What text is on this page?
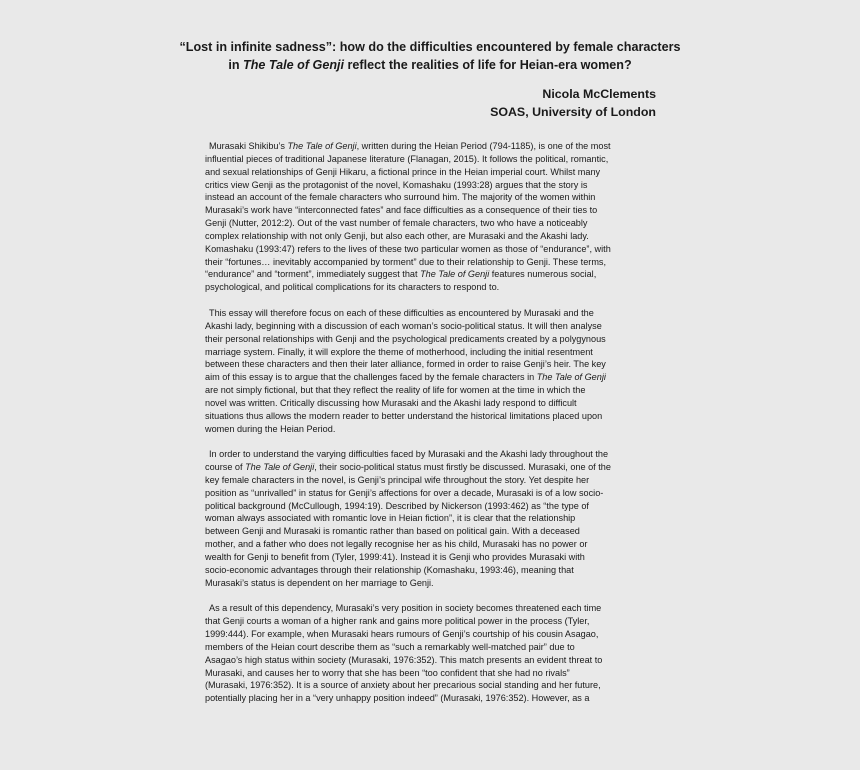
“Lost in infinite sadness”: how do the difficulties encountered by female characters
in The Tale of Genji reflect the realities of life for Heian-era women?
Nicola McClements
SOAS, University of London
Murasaki Shikibu’s The Tale of Genji, written during the Heian Period (794-1185), is one of the most
influential pieces of traditional Japanese literature (Flanagan, 2015). It follows the political, romantic,
and sexual relationships of Genji Hikaru, a fictional prince in the Heian imperial court. Whilst many
critics view Genji as the protagonist of the novel, Komashaku (1993:28) argues that the story is
instead an account of the female characters who surround him. The majority of the women within
Murasaki’s work have “interconnected fates” and face difficulties as a consequence of their ties to
Genji (Nutter, 2012:2). Out of the vast number of female characters, two who have a noticeably
complex relationship with not only Genji, but also each other, are Murasaki and the Akashi lady.
Komashaku (1993:47) refers to the lives of these two particular women as those of “endurance”, with
their “fortunes… inevitably accompanied by torment” due to their relationship to Genji. These terms,
“endurance” and “torment”, immediately suggest that The Tale of Genji features numerous social,
psychological, and political complications for its characters to respond to.
This essay will therefore focus on each of these difficulties as encountered by Murasaki and the
Akashi lady, beginning with a discussion of each woman’s socio-political status. It will then analyse
their personal relationships with Genji and the psychological predicaments created by a polygynous
marriage system. Finally, it will explore the theme of motherhood, including the initial resentment
between these characters and then their later alliance, formed in order to raise Genji’s heir. The key
aim of this essay is to argue that the challenges faced by the female characters in The Tale of Genji
are not simply fictional, but that they reflect the reality of life for women at the time in which the
novel was written. Critically discussing how Murasaki and the Akashi lady respond to difficult
situations thus allows the modern reader to better understand the historical limitations placed upon
women during the Heian Period.
In order to understand the varying difficulties faced by Murasaki and the Akashi lady throughout the
course of The Tale of Genji, their socio-political status must firstly be discussed. Murasaki, one of the
key female characters in the novel, is Genji’s principal wife throughout the story. Yet despite her
position as “unrivalled” in status for Genji’s affections for over a decade, Murasaki is of a low socio-
political background (McCullough, 1994:19). Described by Nickerson (1993:462) as “the type of
woman always associated with romantic love in Heian fiction”, it is clear that the relationship
between Genji and Murasaki is romantic rather than based on political gain. With a deceased
mother, and a father who does not legally recognise her as his child, Murasaki has no power or
wealth for Genji to benefit from (Tyler, 1999:41). Instead it is Genji who provides Murasaki with
socio-economic advantages through their relationship (Komashaku, 1993:46), meaning that
Murasaki’s status is dependent on her marriage to Genji.
As a result of this dependency, Murasaki’s very position in society becomes threatened each time
that Genji courts a woman of a higher rank and gains more political power in the process (Tyler,
1999:444). For example, when Murasaki hears rumours of Genji’s courtship of his cousin Asagao,
members of the Heian court describe them as “such a remarkably well-matched pair” due to
Asagao’s high status within society (Murasaki, 1976:352). This match presents an evident threat to
Murasaki, and causes her to worry that she has been “too confident that she had no rivals”
(Murasaki, 1976:352). It is a source of anxiety about her precarious social standing and her future,
potentially placing her in a “very unhappy position indeed” (Murasaki, 1976:352). However, as a
